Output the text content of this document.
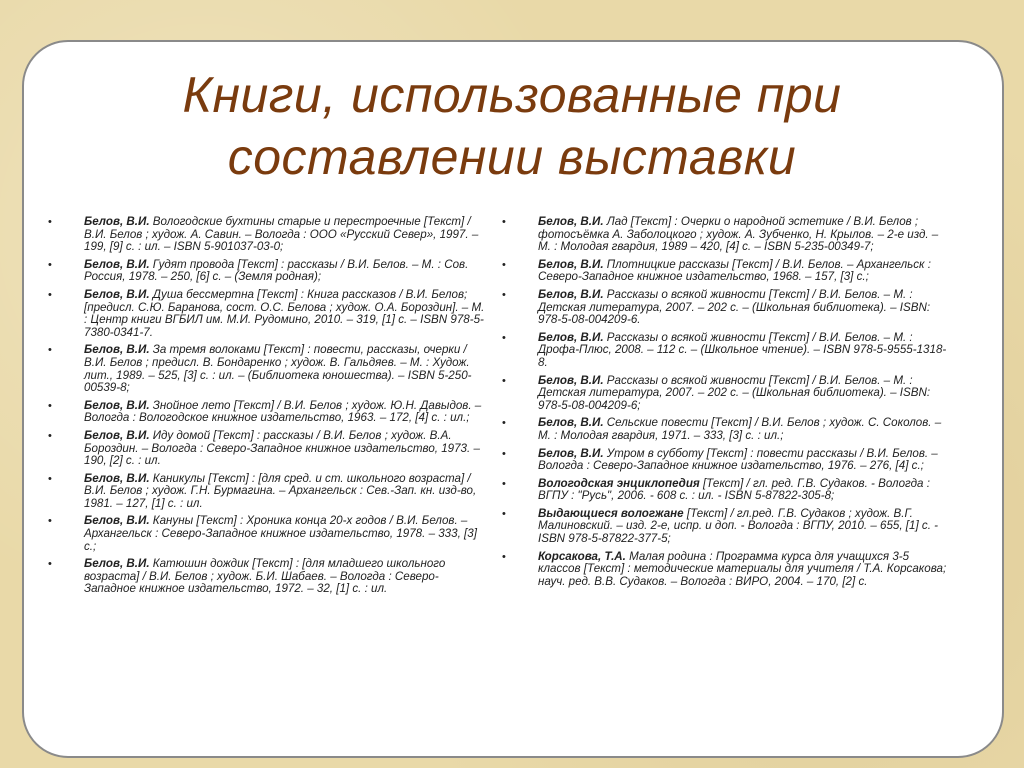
Книги, использованные при
составлении выставки
•	Белов, В.И. Вологодские бухтины старые и перестроечные [Текст] / В.И. Белов ; худож. А. Савин. – Вологда : ООО «Русский Север», 1997. – 199, [9] с. : ил. – ISBN 5-901037-03-0;
•	Белов, В.И. Гудят провода [Текст] : рассказы / В.И. Белов. – М. : Сов. Россия, 1978. – 250, [6] с. – (Земля родная);
•	Белов, В.И. Душа бессмертна [Текст] : Книга рассказов / В.И. Белов; [предисл. С.Ю. Баранова, сост. О.С. Белова ; худож. О.А. Бороздин]. – М. : Центр книги ВГБИЛ им. М.И. Рудомино, 2010. – 319, [1] с. – ISBN 978-5-7380-0341-7.
•	Белов, В.И. За тремя волоками [Текст] : повести, рассказы, очерки / В.И. Белов ; предисл. В. Бондаренко ; худож. В. Гальдяев. – М. : Худож. лит., 1989. – 525, [3] с. : ил. – (Библиотека юношества). – ISBN 5-250-00539-8;
•	Белов, В.И. Знойное лето [Текст] / В.И. Белов ; худож. Ю.Н. Давыдов. – Вологда : Вологодское книжное издательство, 1963. – 172, [4] с. : ил.;
•	Белов, В.И. Иду домой [Текст] : рассказы / В.И. Белов ; худож. В.А. Бороздин. – Вологда : Северо-Западное книжное издательство, 1973. – 190, [2] с. : ил.
•	Белов, В.И. Каникулы [Текст] : [для сред. и ст. школьного возраста] / В.И. Белов ; худож. Г.Н. Бурмагина. – Архангельск : Сев.-Зап. кн. изд-во, 1981. – 127, [1] с. : ил.
•	Белов, В.И. Кануны [Текст] : Хроника конца 20-х годов / В.И. Белов. – Архангельск : Северо-Западное книжное издательство, 1978. – 333, [3] с.;
•	Белов, В.И. Катюшин дождик [Текст] : [для младшего школьного возраста] / В.И. Белов ; худож. Б.И. Шабаев. – Вологда : Северо-Западное книжное издательство, 1972. – 32, [1] с. : ил.
•	Белов, В.И. Лад [Текст] : Очерки о народной эстетике / В.И. Белов ; фотосъёмка А. Заболоцкого ; худож. А. Зубченко, Н. Крылов. – 2-е изд. – М. : Молодая гвардия, 1989 – 420, [4] с. – ISBN 5-235-00349-7;
•	Белов, В.И. Плотницкие рассказы [Текст] / В.И. Белов. – Архангельск : Северо-Западное книжное издательство, 1968. – 157, [3] с.;
•	Белов, В.И. Рассказы о всякой живности [Текст] / В.И. Белов. – М. : Детская литература, 2007. – 202 с. – (Школьная библиотека). – ISBN: 978-5-08-004209-6.
•	Белов, В.И. Рассказы о всякой живности [Текст] / В.И. Белов. – М. : Дрофа-Плюс, 2008. – 112 с. – (Школьное чтение). – ISBN 978-5-9555-1318-8.
•	Белов, В.И. Рассказы о всякой живности [Текст] / В.И. Белов. – М. : Детская литература, 2007. – 202 с. – (Школьная библиотека). – ISBN: 978-5-08-004209-6;
•	Белов, В.И. Сельские повести [Текст] / В.И. Белов ; худож. С. Соколов. – М. : Молодая гвардия, 1971. – 333, [3] с. : ил.;
•	Белов, В.И. Утром в субботу [Текст] : повести рассказы / В.И. Белов. – Вологда : Северо-Западное книжное издательство, 1976. – 276, [4] с.;
•	Вологодская энциклопедия [Текст] / гл. ред. Г.В. Судаков. - Вологда : ВГПУ : "Русь", 2006. - 608 с. : ил. - ISBN 5-87822-305-8;
•	Выдающиеся вологжане [Текст] / гл.ред. Г.В. Судаков ; худож. В.Г. Малиновский. – изд. 2-е, испр. и доп. - Вологда : ВГПУ, 2010. – 655, [1] с. - ISBN 978-5-87822-377-5;
•	Корсакова, Т.А. Малая родина : Программа курса для учащихся 3-5 классов [Текст] : методические материалы для учителя / Т.А. Корсакова; науч. ред. В.В. Судаков. – Вологда : ВИРО, 2004. – 170, [2] с.
